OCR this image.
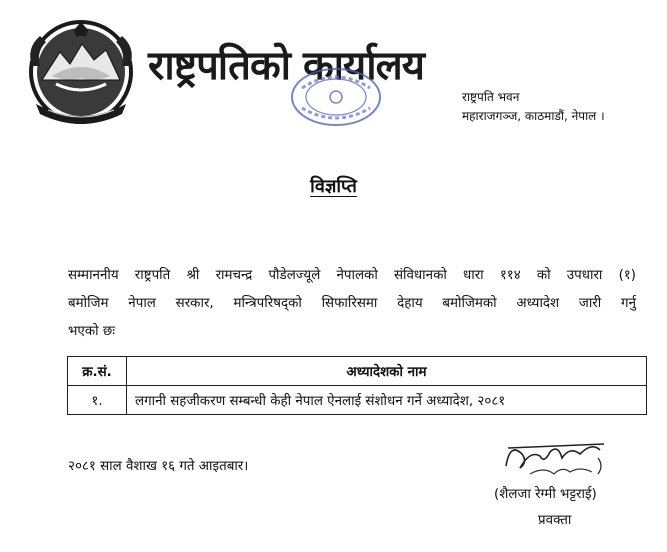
राष्ट्रपतिको कार्यालय
राष्ट्रपति भवन
महाराजगञ्ज, काठमाडौं, नेपाल ।
विज्ञप्ति
सम्माननीय राष्ट्रपति श्री रामचन्द्र पौडेलज्यूले नेपालको संविधानको धारा ११४ को उपधारा (१)
बमोजिम नेपाल सरकार, मन्त्रिपरिषद्को सिफारिसमा देहाय बमोजिमको अध्यादेश जारी गर्नु
भएको छः
क्र.सं.	अध्यादेशको नाम
१.	लगानी सहजीकरण सम्बन्धी केही नेपाल ऐनलाई संशोधन गर्ने अध्यादेश, २०८१
२०८१ साल वैशाख १६ गते आइतबार।
(शैलजा रेग्मी भट्टराई)
प्रवक्ता
